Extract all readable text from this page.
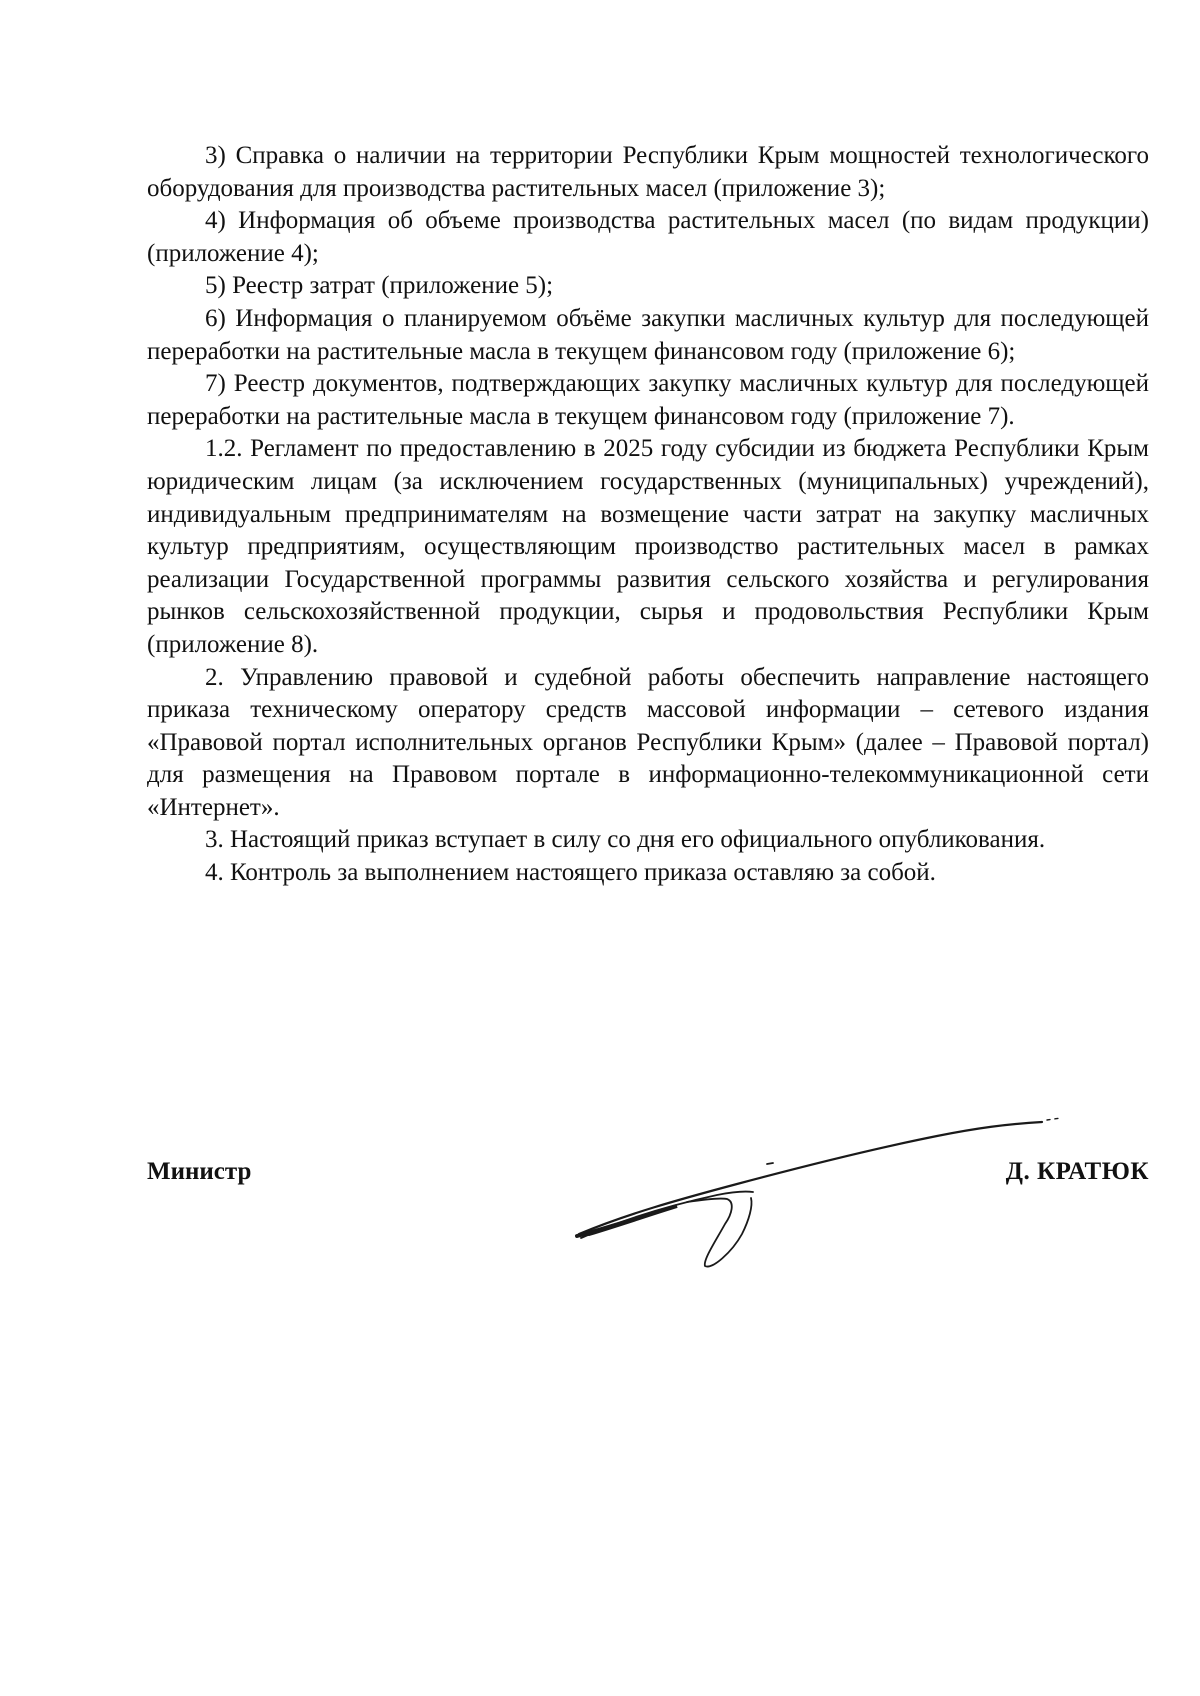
3) Справка о наличии на территории Республики Крым мощностей технологического оборудования для производства растительных масел (приложение 3);

4) Информация об объеме производства растительных масел (по видам продукции) (приложение 4);

5) Реестр затрат (приложение 5);

6) Информация о планируемом объёме закупки масличных культур для последующей переработки на растительные масла в текущем финансовом году (приложение 6);

7) Реестр документов, подтверждающих закупку масличных культур для последующей переработки на растительные масла в текущем финансовом году (приложение 7).

1.2. Регламент по предоставлению в 2025 году субсидии из бюджета Республики Крым юридическим лицам (за исключением государственных (муниципальных) учреждений), индивидуальным предпринимателям на возмещение части затрат на закупку масличных культур предприятиям, осуществляющим производство растительных масел в рамках реализации Государственной программы развития сельского хозяйства и регулирования рынков сельскохозяйственной продукции, сырья и продовольствия Республики Крым (приложение 8).

2. Управлению правовой и судебной работы обеспечить направление настоящего приказа техническому оператору средств массовой информации – сетевого издания «Правовой портал исполнительных органов Республики Крым» (далее – Правовой портал) для размещения на Правовом портале в информационно-телекоммуникационной сети «Интернет».

3. Настоящий приказ вступает в силу со дня его официального опубликования.

4. Контроль за выполнением настоящего приказа оставляю за собой.

Министр	Д. КРАТЮК
